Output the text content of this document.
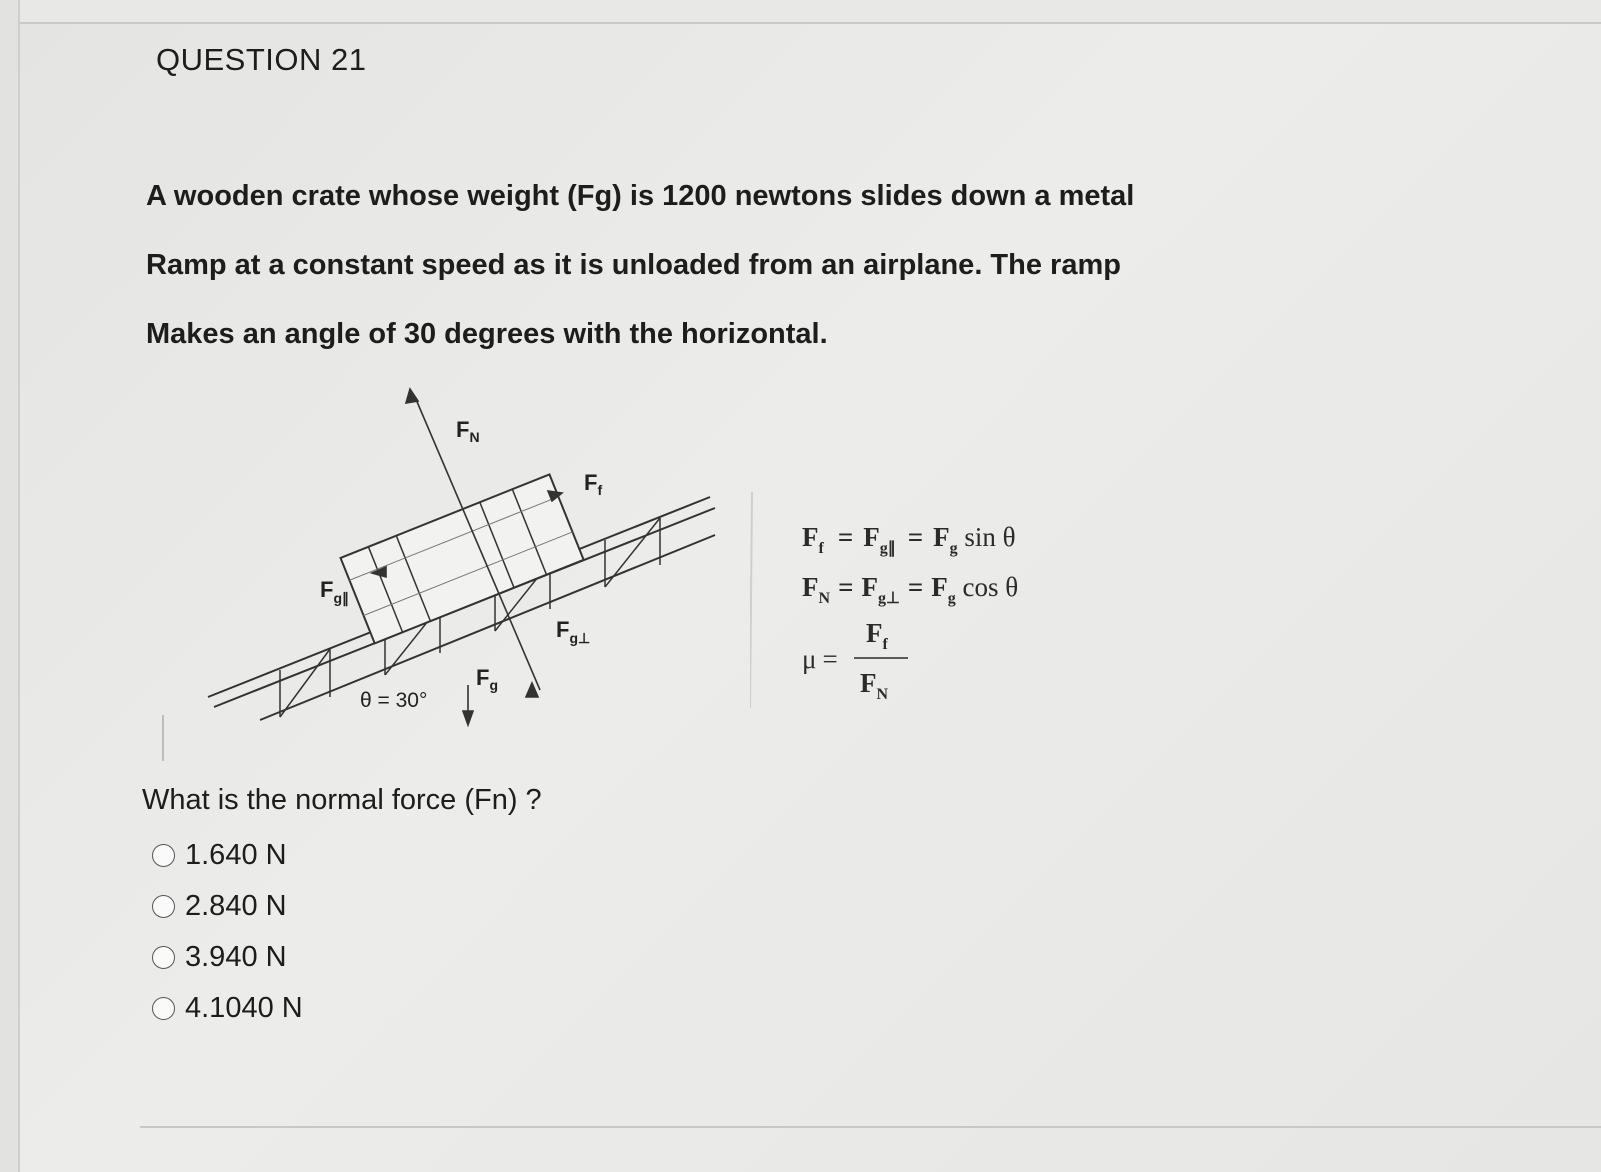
QUESTION 21

A wooden crate whose weight (Fg) is 1200 newtons slides down a metal

Ramp at a constant speed as it is unloaded from an airplane. The ramp

Makes an angle of 30 degrees with the horizontal.

$F_N$
$F_f$
$F_{g\parallel}$
$F_{g\perp}$
$F_g$
θ = 30°
$F_f = F_{g\parallel} = F_g$ sin θ
$F_N = F_{g\perp} = F_g$ cos θ
μ =
$F_f$
$F_N$
What is the normal force (Fn) ?
1.640 N
2.840 N
3.940 N
4.1040 N
